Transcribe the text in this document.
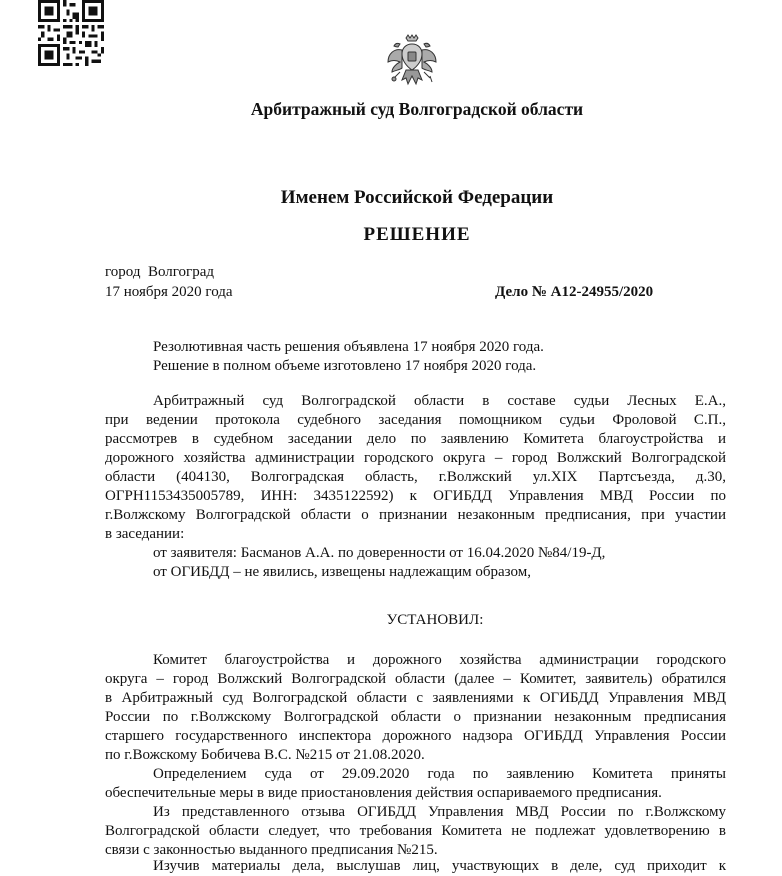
Арбитражный суд Волгоградской области
Именем Российской Федерации
РЕШЕНИЕ
город  Волгоград
17 ноября 2020 года	Дело № А12-24955/2020
Резолютивная часть решения объявлена 17 ноября 2020 года.
Решение в полном объеме изготовлено 17 ноября 2020 года.
Арбитражный суд Волгоградской области в составе судьи Лесных Е.А.,
при ведении протокола судебного заседания помощником судьи Фроловой С.П.,
рассмотрев в судебном заседании дело по заявлению Комитета благоустройства и
дорожного хозяйства администрации городского округа – город Волжский Волгоградской
области (404130, Волгоградская область, г.Волжский ул.XIX Партсъезда, д.30,
ОГРН1153435005789, ИНН: 3435122592) к ОГИБДД Управления МВД России по
г.Волжскому Волгоградской области о признании незаконным предписания, при участии
в заседании:
от заявителя: Басманов А.А. по доверенности от 16.04.2020 №84/19-Д,
от ОГИБДД – не явились, извещены надлежащим образом,
УСТАНОВИЛ:
Комитет благоустройства и дорожного хозяйства администрации городского
округа – город Волжский Волгоградской области (далее – Комитет, заявитель) обратился
в Арбитражный суд Волгоградской области с заявлениями к ОГИБДД Управления МВД
России по г.Волжскому Волгоградской области о признании незаконным предписания
старшего государственного инспектора дорожного надзора ОГИБДД Управления России
по г.Вожскому Бобичева В.С. №215 от 21.08.2020.
Определением суда от 29.09.2020 года по заявлению Комитета приняты
обеспечительные меры в виде приостановления действия оспариваемого предписания.
Из представленного отзыва ОГИБДД Управления МВД России по г.Волжскому
Волгоградской области следует, что требования Комитета не подлежат удовлетворению в
связи с законностью выданного предписания №215.
Изучив материалы дела, выслушав лиц, участвующих в деле, суд приходит к
